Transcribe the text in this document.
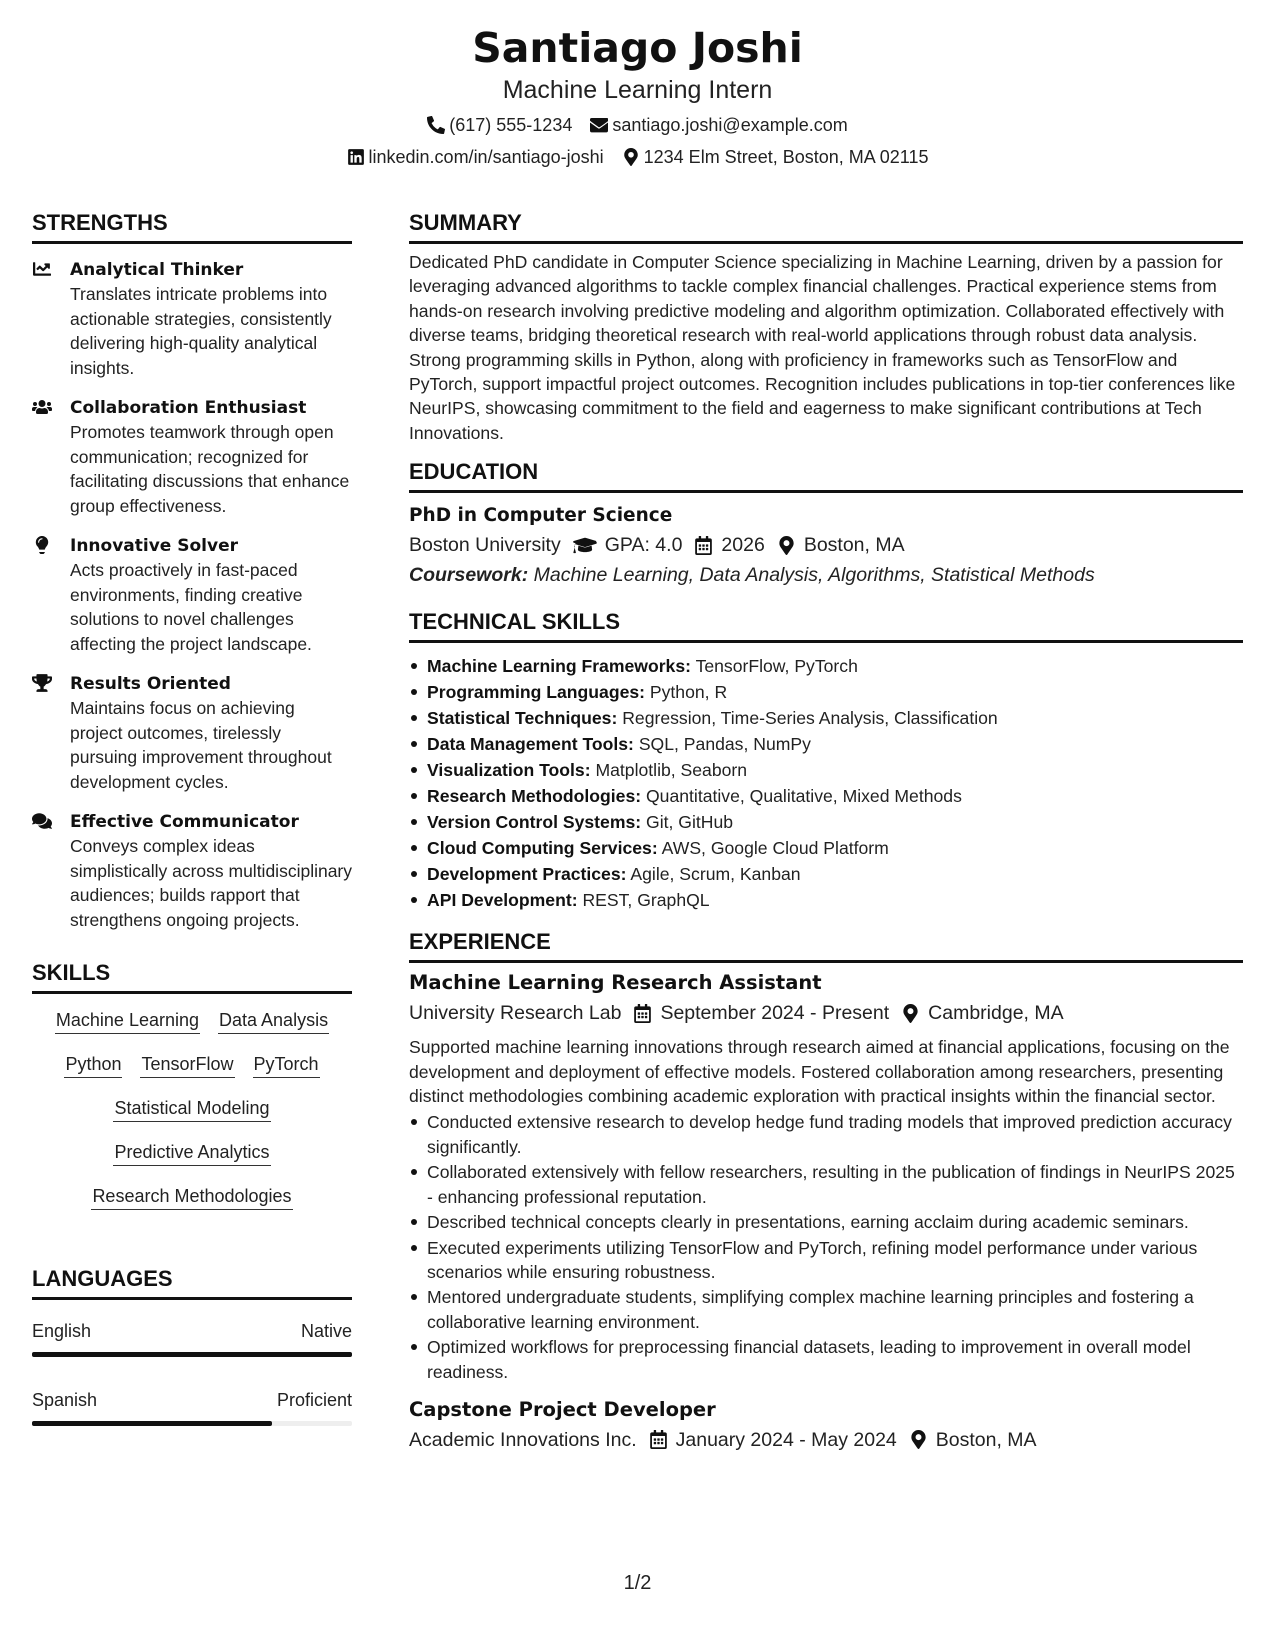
Santiago Joshi
Machine Learning Intern
(617) 555-1234 santiago.joshi@example.com
linkedin.com/in/santiago-joshi 1234 Elm Street, Boston, MA 02115
STRENGTHS
Analytical Thinker
Translates intricate problems into actionable strategies, consistently delivering high-quality analytical insights.
Collaboration Enthusiast
Promotes teamwork through open communication; recognized for facilitating discussions that enhance group effectiveness.
Innovative Solver
Acts proactively in fast-paced environments, finding creative solutions to novel challenges affecting the project landscape.
Results Oriented
Maintains focus on achieving project outcomes, tirelessly pursuing improvement throughout development cycles.
Effective Communicator
Conveys complex ideas simplistically across multidisciplinary audiences; builds rapport that strengthens ongoing projects.
SKILLS
Machine Learning Data Analysis
Python TensorFlow PyTorch
Statistical Modeling
Predictive Analytics
Research Methodologies
LANGUAGES
English	Native
Spanish	Proficient
SUMMARY
Dedicated PhD candidate in Computer Science specializing in Machine Learning, driven by a passion for leveraging advanced algorithms to tackle complex financial challenges. Practical experience stems from hands-on research involving predictive modeling and algorithm optimization. Collaborated effectively with diverse teams, bridging theoretical research with real-world applications through robust data analysis. Strong programming skills in Python, along with proficiency in frameworks such as TensorFlow and PyTorch, support impactful project outcomes. Recognition includes publications in top-tier conferences like NeurIPS, showcasing commitment to the field and eagerness to make significant contributions at Tech Innovations.
EDUCATION
PhD in Computer Science
Boston University GPA: 4.0 2026 Boston, MA
Coursework: Machine Learning, Data Analysis, Algorithms, Statistical Methods
TECHNICAL SKILLS
Machine Learning Frameworks: TensorFlow, PyTorch
Programming Languages: Python, R
Statistical Techniques: Regression, Time-Series Analysis, Classification
Data Management Tools: SQL, Pandas, NumPy
Visualization Tools: Matplotlib, Seaborn
Research Methodologies: Quantitative, Qualitative, Mixed Methods
Version Control Systems: Git, GitHub
Cloud Computing Services: AWS, Google Cloud Platform
Development Practices: Agile, Scrum, Kanban
API Development: REST, GraphQL
EXPERIENCE
Machine Learning Research Assistant
University Research Lab September 2024 - Present Cambridge, MA
Supported machine learning innovations through research aimed at financial applications, focusing on the development and deployment of effective models. Fostered collaboration among researchers, presenting distinct methodologies combining academic exploration with practical insights within the financial sector.
Conducted extensive research to develop hedge fund trading models that improved prediction accuracy significantly.
Collaborated extensively with fellow researchers, resulting in the publication of findings in NeurIPS 2025 - enhancing professional reputation.
Described technical concepts clearly in presentations, earning acclaim during academic seminars.
Executed experiments utilizing TensorFlow and PyTorch, refining model performance under various scenarios while ensuring robustness.
Mentored undergraduate students, simplifying complex machine learning principles and fostering a collaborative learning environment.
Optimized workflows for preprocessing financial datasets, leading to improvement in overall model readiness.
Capstone Project Developer
Academic Innovations Inc. January 2024 - May 2024 Boston, MA
1/2
